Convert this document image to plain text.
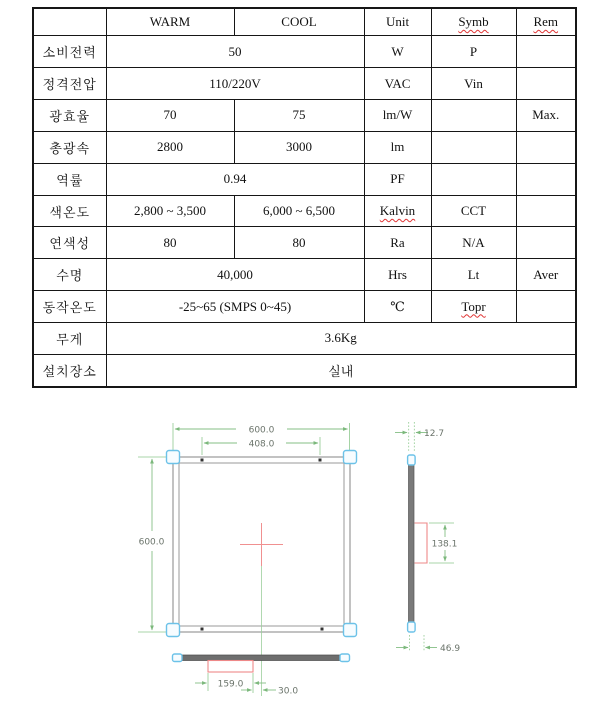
	WARM	COOL	Unit	Symb	Rem
소비전력	50		W	P	
정격전압	110/220V		VAC	Vin	
광효율	70	75	lm/W		Max.
총광속	2800	3000	lm		
역률	0.94		PF		
색온도	2,800 ~ 3,500	6,000 ~ 6,500	Kalvin	CCT	
연색성	80	80	Ra	N/A	
수명	40,000		Hrs	Lt	Aver
동작온도	-25~65 (SMPS 0~45)		℃	Topr	
무게	3.6Kg				
설치장소	실내				
600.0
408.0
600.0
12.7
138.1
46.9
159.0
30.0
